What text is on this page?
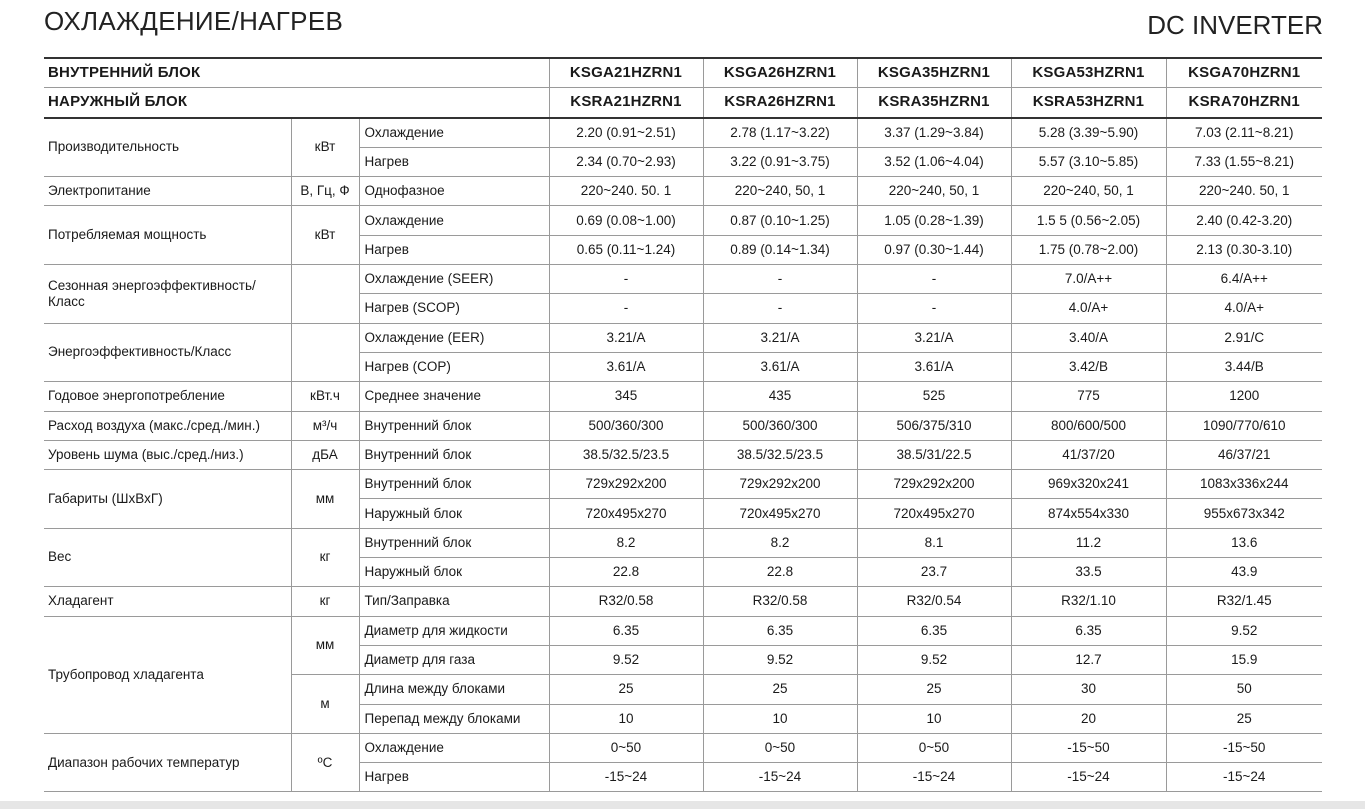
ОХЛАЖДЕНИЕ/НАГРЕВ	DC INVERTER
ВНУТРЕННИЙ БЛОК			KSGA21HZRN1	KSGA26HZRN1	KSGA35HZRN1	KSGA53HZRN1	KSGA70HZRN1
НАРУЖНЫЙ БЛОК			KSRA21HZRN1	KSRA26HZRN1	KSRA35HZRN1	KSRA53HZRN1	KSRA70HZRN1
Производительность	кВт	Охлаждение	2.20 (0.91~2.51)	2.78 (1.17~3.22)	3.37 (1.29~3.84)	5.28 (3.39~5.90)	7.03 (2.11~8.21)
		Нагрев	2.34 (0.70~2.93)	3.22 (0.91~3.75)	3.52 (1.06~4.04)	5.57 (3.10~5.85)	7.33 (1.55~8.21)
Электропитание	В, Гц, Ф	Однофазное	220~240. 50. 1	220~240, 50, 1	220~240, 50, 1	220~240, 50, 1	220~240. 50, 1
Потребляемая мощность	кВт	Охлаждение	0.69 (0.08~1.00)	0.87 (0.10~1.25)	1.05 (0.28~1.39)	1.5 5 (0.56~2.05)	2.40 (0.42-3.20)
		Нагрев	0.65 (0.11~1.24)	0.89 (0.14~1.34)	0.97 (0.30~1.44)	1.75 (0.78~2.00)	2.13 (0.30-3.10)
Сезонная энергоэффективность/ Класс		Охлаждение (SEER)	-	-	-	7.0/A++	6.4/A++
		Нагрев (SCOP)	-	-	-	4.0/A+	4.0/A+
Энергоэффективность/Класс		Охлаждение (EER)	3.21/A	3.21/A	3.21/A	3.40/A	2.91/C
		Нагрев (COP)	3.61/A	3.61/A	3.61/A	3.42/B	3.44/B
Годовое энергопотребление	кВт.ч	Среднее значение	345	435	525	775	1200
Расход воздуха (макс./сред./мин.)	м³/ч	Внутренний блок	500/360/300	500/360/300	506/375/310	800/600/500	1090/770/610
Уровень шума (выс./сред./низ.)	дБА	Внутренний блок	38.5/32.5/23.5	38.5/32.5/23.5	38.5/31/22.5	41/37/20	46/37/21
Габариты (ШхВхГ)	мм	Внутренний блок	729x292x200	729x292x200	729x292x200	969x320x241	1083x336x244
		Наружный блок	720x495x270	720x495x270	720x495x270	874x554x330	955x673x342
Вес	кг	Внутренний блок	8.2	8.2	8.1	11.2	13.6
		Наружный блок	22.8	22.8	23.7	33.5	43.9
Хладагент	кг	Тип/Заправка	R32/0.58	R32/0.58	R32/0.54	R32/1.10	R32/1.45
Трубопровод хладагента	мм	Диаметр для жидкости	6.35	6.35	6.35	6.35	9.52
		Диаметр для газа	9.52	9.52	9.52	12.7	15.9
	м	Длина между блоками	25	25	25	30	50
		Перепад между блоками	10	10	10	20	25
Диапазон рабочих температур	ºC	Охлаждение	0~50	0~50	0~50	-15~50	-15~50
		Нагрев	-15~24	-15~24	-15~24	-15~24	-15~24
